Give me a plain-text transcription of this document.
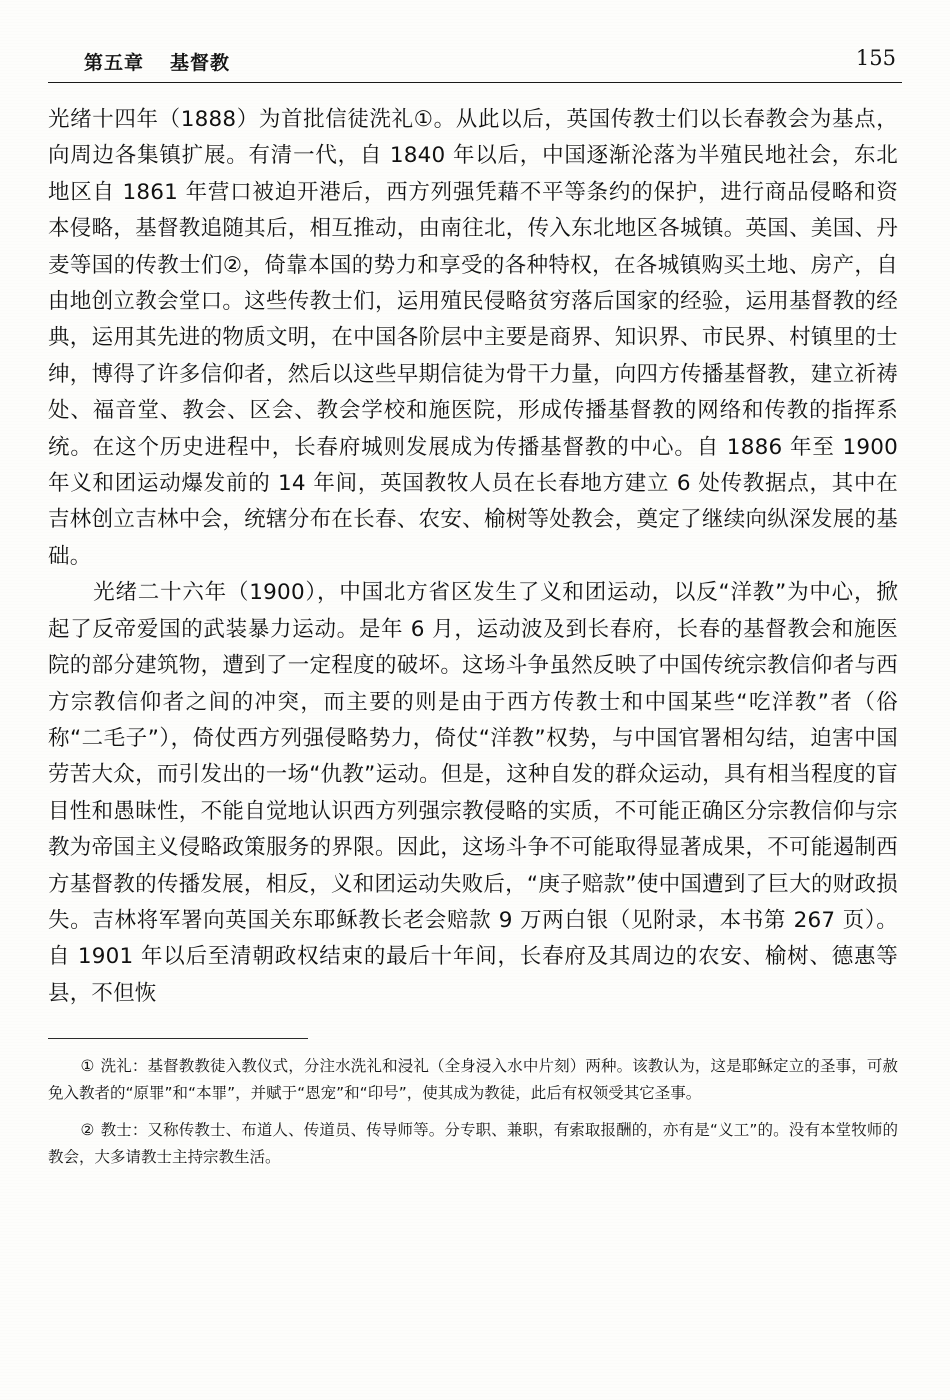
第五章 基督教	155

光绪十四年（1888）为首批信徒洗礼①。从此以后，英国传教士们以长春教会为基点，向周边各集镇扩展。有清一代，自 1840 年以后，中国逐渐沦落为半殖民地社会，东北地区自 1861 年营口被迫开港后，西方列强凭藉不平等条约的保护，进行商品侵略和资本侵略，基督教追随其后，相互推动，由南往北，传入东北地区各城镇。英国、美国、丹麦等国的传教士们②，倚靠本国的势力和享受的各种特权，在各城镇购买土地、房产，自由地创立教会堂口。这些传教士们，运用殖民侵略贫穷落后国家的经验，运用基督教的经典，运用其先进的物质文明，在中国各阶层中主要是商界、知识界、市民界、村镇里的士绅，博得了许多信仰者，然后以这些早期信徒为骨干力量，向四方传播基督教，建立祈祷处、福音堂、教会、区会、教会学校和施医院，形成传播基督教的网络和传教的指挥系统。在这个历史进程中，长春府城则发展成为传播基督教的中心。自 1886 年至 1900 年义和团运动爆发前的 14 年间，英国教牧人员在长春地方建立 6 处传教据点，其中在吉林创立吉林中会，统辖分布在长春、农安、榆树等处教会，奠定了继续向纵深发展的基础。

光绪二十六年（1900），中国北方省区发生了义和团运动，以反“洋教”为中心，掀起了反帝爱国的武装暴力运动。是年 6 月，运动波及到长春府，长春的基督教会和施医院的部分建筑物，遭到了一定程度的破坏。这场斗争虽然反映了中国传统宗教信仰者与西方宗教信仰者之间的冲突，而主要的则是由于西方传教士和中国某些“吃洋教”者（俗称“二毛子”），倚仗西方列强侵略势力，倚仗“洋教”权势，与中国官署相勾结，迫害中国劳苦大众，而引发出的一场“仇教”运动。但是，这种自发的群众运动，具有相当程度的盲目性和愚昧性，不能自觉地认识西方列强宗教侵略的实质，不可能正确区分宗教信仰与宗教为帝国主义侵略政策服务的界限。因此，这场斗争不可能取得显著成果，不可能遏制西方基督教的传播发展，相反，义和团运动失败后，“庚子赔款”使中国遭到了巨大的财政损失。吉林将军署向英国关东耶稣教长老会赔款 9 万两白银（见附录，本书第 267 页）。自 1901 年以后至清朝政权结束的最后十年间，长春府及其周边的农安、榆树、德惠等县，不但恢

① 洗礼：基督教教徒入教仪式，分注水洗礼和浸礼（全身浸入水中片刻）两种。该教认为，这是耶稣定立的圣事，可赦免入教者的“原罪”和“本罪”，并赋于“恩宠”和“印号”，使其成为教徒，此后有权领受其它圣事。

② 教士：又称传教士、布道人、传道员、传导师等。分专职、兼职，有索取报酬的，亦有是“义工”的。没有本堂牧师的教会，大多请教士主持宗教生活。
